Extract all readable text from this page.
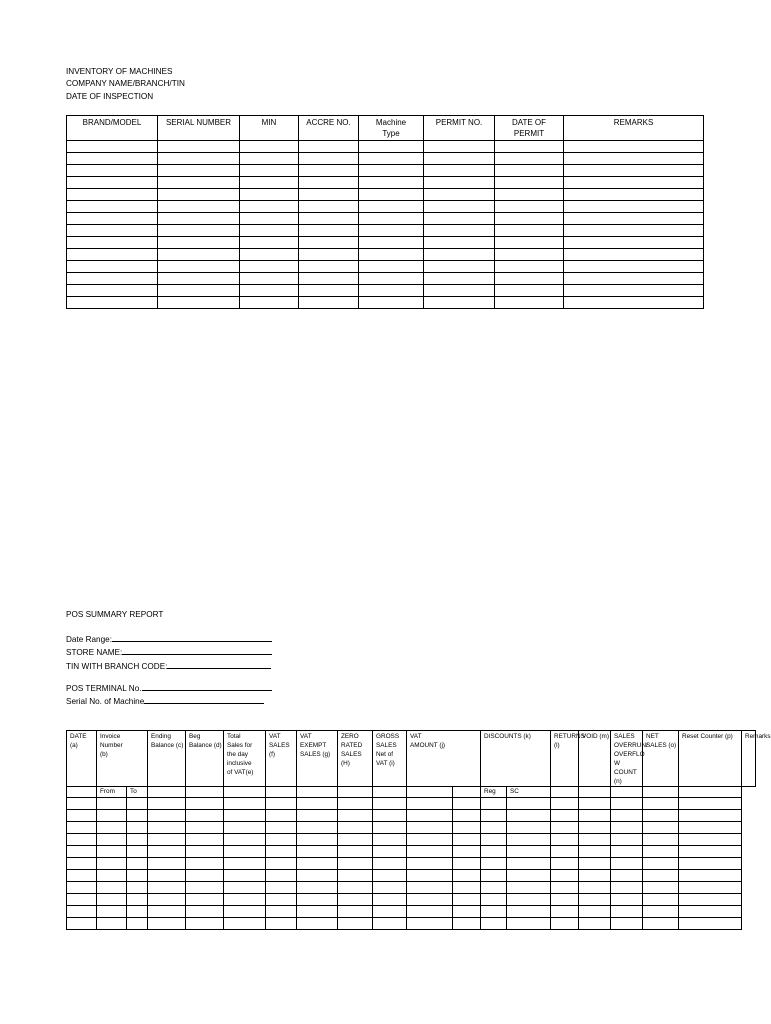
INVENTORY OF MACHINES
COMPANY NAME/BRANCH/TIN
DATE OF INSPECTION
BRAND/MODEL	SERIAL NUMBER	MIN	ACCRE NO.	Machine Type	PERMIT NO.	DATE OF PERMIT	REMARKS

POS SUMMARY REPORT
Date Range:
STORE NAME:
TIN WITH BRANCH CODE:
POS TERMINAL No.
Serial No. of Machine
DATE (a)	Invoice Number (b)		Ending Balance (c)	Beg Balance (d)	Total Sales for the day inclusive of VAT(e)	VAT SALES (f)	VAT EXEMPT SALES (g)	ZERO RATED SALES (H)	GROSS SALES Net of VAT (i)	VAT AMOUNT (j)		DISCOUNTS (k)		RETURNS (l)	VOID (m)	SALES OVERRUN/ OVERFLO W COUNT (n)	NET SALES (o)	Reset Counter (p)	Remarks
	From	To										Reg	SC						
